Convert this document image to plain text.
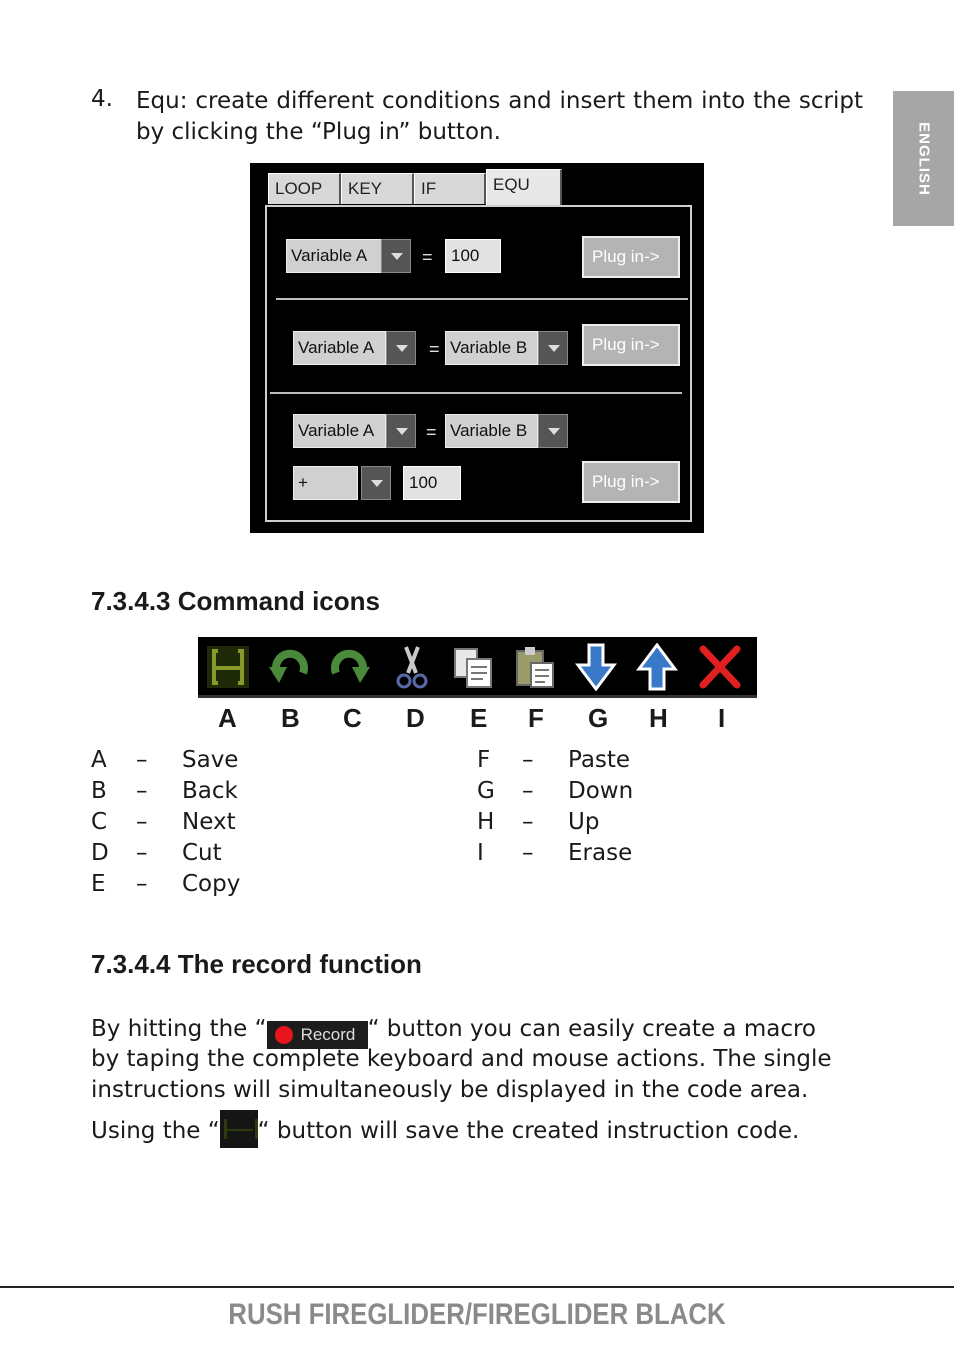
ENGLISH
4. Equ: create different conditions and insert them into the script by clicking the “Plug in” button.
LOOP	KEY	IF	EQU
Variable A	=	100	Plug in->
Variable A	= Variable B	Plug in->
Variable A	= Variable B
+	100	Plug in->
7.3.4.3 Command icons
A B C D E F G H I
A – Save
B – Back
C – Next
D – Cut
E – Copy
F – Paste
G – Down
H – Up
I – Erase
7.3.4.4 The record function
By hitting the “ Record “ button you can easily create a macro
by taping the complete keyboard and mouse actions. The single
instructions will simultaneously be displayed in the code area.
Using the “ “ button will save the created instruction code.
RUSH FIREGLIDER/FIREGLIDER BLACK
